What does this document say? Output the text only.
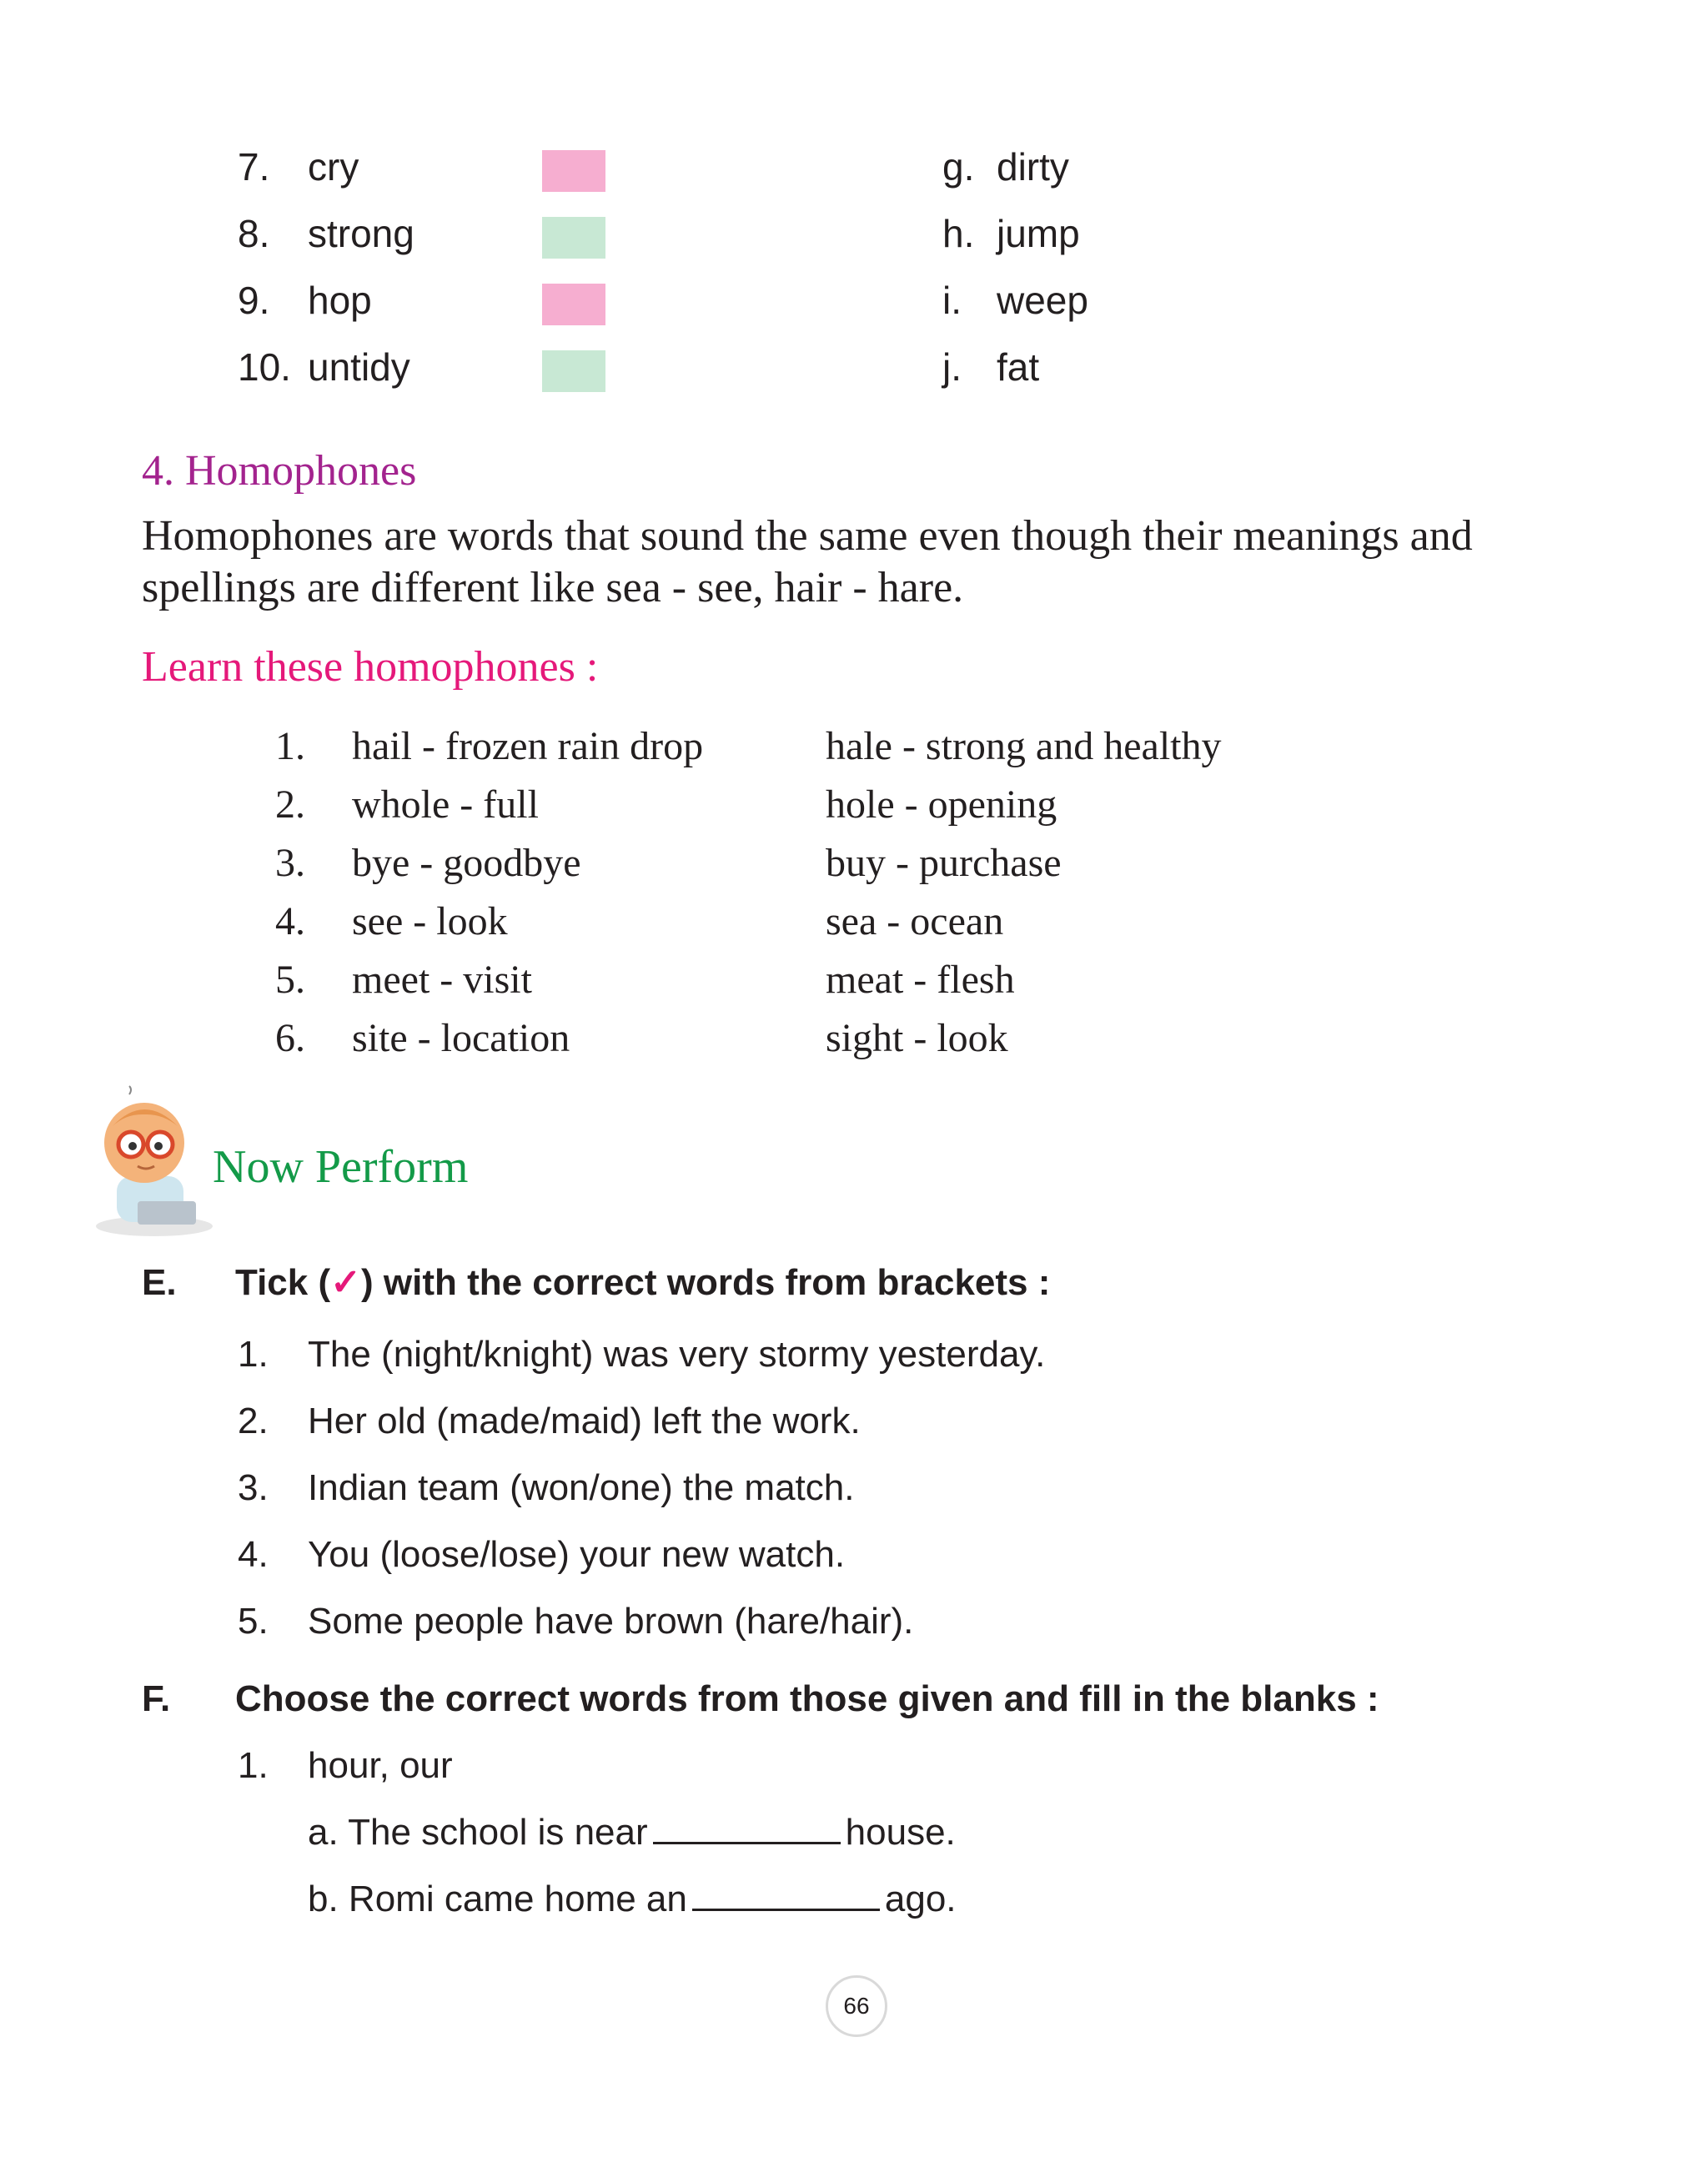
7. cry	g. dirty
8. strong	h. jump
9. hop	i. weep
10. untidy	j. fat
4. Homophones
Homophones are words that sound the same even though their meanings and spellings are different like sea - see, hair - hare.
Learn these homophones :
1.	hail - frozen rain drop	hale - strong and healthy
2.	whole - full	hole - opening
3.	bye - goodbye	buy - purchase
4.	see - look	sea - ocean
5.	meet - visit	meat - flesh
6.	site - location	sight - look
Now Perform
E. Tick (✓) with the correct words from brackets :
1. The (night/knight) was very stormy yesterday.
2. Her old (made/maid) left the work.
3. Indian team (won/one) the match.
4. You (loose/lose) your new watch.
5. Some people have brown (hare/hair).
F. Choose the correct words from those given and fill in the blanks :
1. hour, our
a. The school is near	house.
b. Romi came home an	ago.
66
